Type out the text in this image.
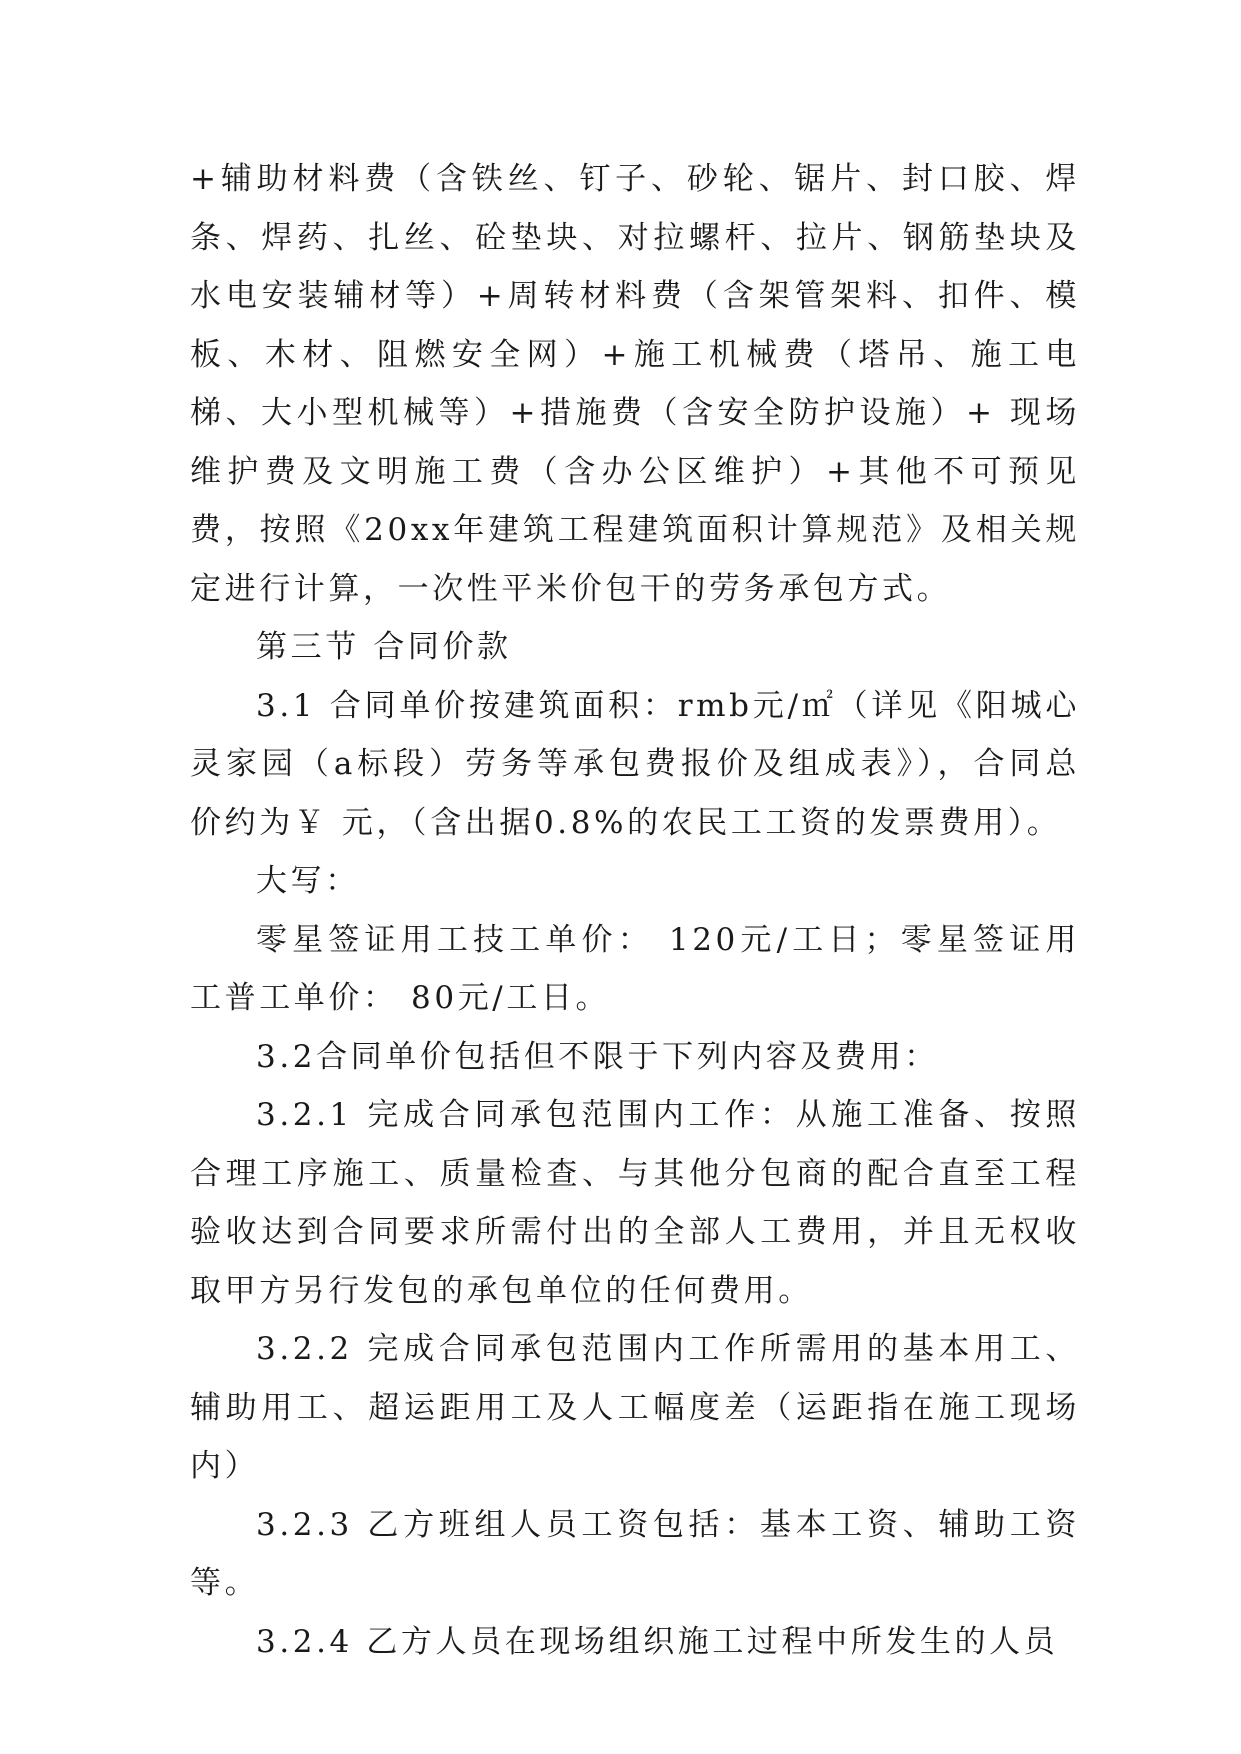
+辅助材料费（含铁丝、钉子、砂轮、锯片、封口胶、焊条、焊药、扎丝、砼垫块、对拉螺杆、拉片、钢筋垫块及水电安装辅材等）+周转材料费（含架管架料、扣件、模板、木材、阻燃安全网）+施工机械费（塔吊、施工电梯、大小型机械等）+措施费（含安全防护设施）+ 现场维护费及文明施工费（含办公区维护）+其他不可预见费，按照《20xx年建筑工程建筑面积计算规范》及相关规定进行计算，一次性平米价包干的劳务承包方式。

第三节 合同价款

3.1 合同单价按建筑面积：rmb元/㎡（详见《阳城心灵家园（a标段）劳务等承包费报价及组成表》），合同总价约为￥ 元，（含出据0.8%的农民工工资的发票费用）。

大写：

零星签证用工技工单价： 120元/工日；零星签证用工普工单价： 80元/工日。

3.2合同单价包括但不限于下列内容及费用：

3.2.1 完成合同承包范围内工作：从施工准备、按照合理工序施工、质量检查、与其他分包商的配合直至工程验收达到合同要求所需付出的全部人工费用，并且无权收取甲方另行发包的承包单位的任何费用。

3.2.2 完成合同承包范围内工作所需用的基本用工、辅助用工、超运距用工及人工幅度差（运距指在施工现场内）

3.2.3 乙方班组人员工资包括：基本工资、辅助工资等。

3.2.4 乙方人员在现场组织施工过程中所发生的人员
